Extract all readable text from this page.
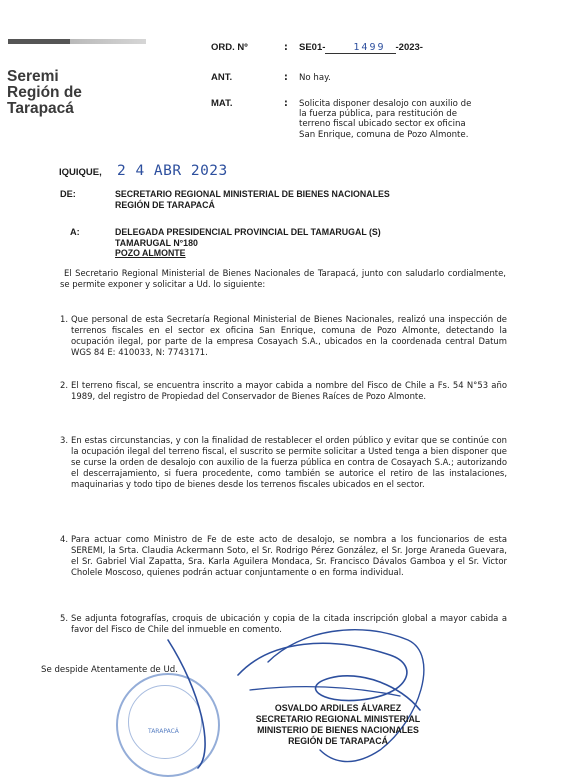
Seremi
Región de
Tarapacá
ORD. Nº	: SE01-	1499 -2023-
ANT.	: No hay.
MAT.	: Solicita disponer desalojo con auxilio de
la fuerza pública, para restitución de
terreno fiscal ubicado sector ex oficina
San Enrique, comuna de Pozo Almonte.
IQUIQUE, 2 4 ABR 2023
DE:	SECRETARIO REGIONAL MINISTERIAL DE BIENES NACIONALES
REGIÓN DE TARAPACÁ
A:	DELEGADA PRESIDENCIAL PROVINCIAL DEL TAMARUGAL (S)
TAMARUGAL N°180
POZO ALMONTE
El Secretario Regional Ministerial de Bienes Nacionales de Tarapacá, junto con saludarlo cordialmente, se permite exponer y solicitar a Ud. lo siguiente:
1. Que personal de esta Secretaría Regional Ministerial de Bienes Nacionales, realizó una inspección de terrenos fiscales en el sector ex oficina San Enrique, comuna de Pozo Almonte, detectando la ocupación ilegal, por parte de la empresa Cosayach S.A., ubicados en la coordenada central Datum WGS 84 E: 410033, N: 7743171.
2. El terreno fiscal, se encuentra inscrito a mayor cabida a nombre del Fisco de Chile a Fs. 54 N°53 año 1989, del registro de Propiedad del Conservador de Bienes Raíces de Pozo Almonte.
3. En estas circunstancias, y con la finalidad de restablecer el orden público y evitar que se continúe con la ocupación ilegal del terreno fiscal, el suscrito se permite solicitar a Usted tenga a bien disponer que se curse la orden de desalojo con auxilio de la fuerza pública en contra de Cosayach S.A.; autorizando el descerrajamiento, si fuera procedente, como también se autorice el retiro de las instalaciones, maquinarias y todo tipo de bienes desde los terrenos fiscales ubicados en el sector.
4. Para actuar como Ministro de Fe de este acto de desalojo, se nombra a los funcionarios de esta SEREMI, la Srta. Claudia Ackermann Soto, el Sr. Rodrigo Pérez González, el Sr. Jorge Araneda Guevara, el Sr. Gabriel Vial Zapatta, Sra. Karla Aguilera Mondaca, Sr. Francisco Dávalos Gamboa y el Sr. Victor Cholele Moscoso, quienes podrán actuar conjuntamente o en forma individual.
5. Se adjunta fotografías, croquis de ubicación y copia de la citada inscripción global a mayor cabida a favor del Fisco de Chile del inmueble en comento.
Se despide Atentamente de Ud.
TARAPACÁ
OSVALDO ARDILES ÁLVAREZ
SECRETARIO REGIONAL MINISTERIAL
MINISTERIO DE BIENES NACIONALES
REGIÓN DE TARAPACÁ
